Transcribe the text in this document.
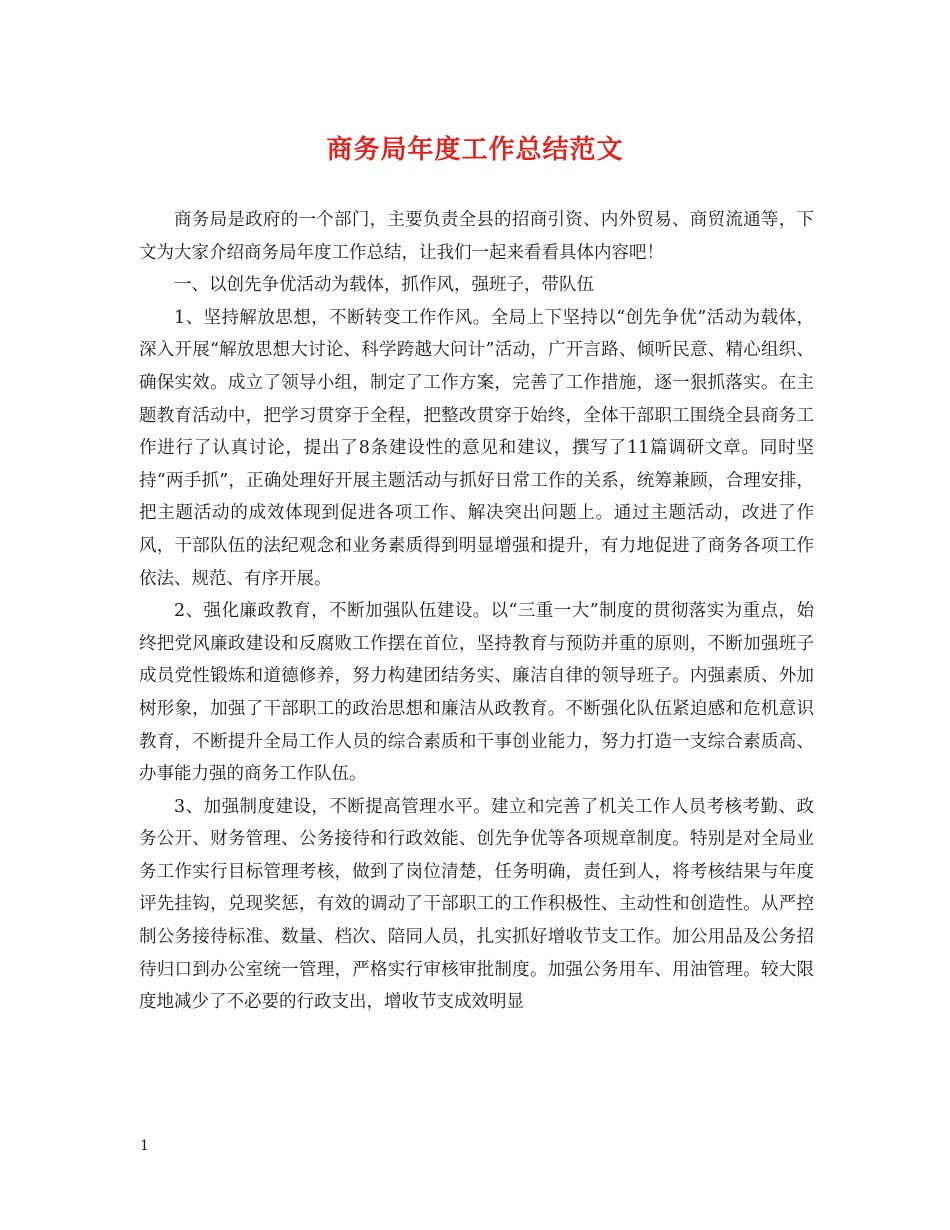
商务局年度工作总结范文

商务局是政府的一个部门，主要负责全县的招商引资、内外贸易、商贸流通等，下文为大家介绍商务局年度工作总结，让我们一起来看看具体内容吧！

一、以创先争优活动为载体，抓作风，强班子，带队伍

1、坚持解放思想，不断转变工作作风。全局上下坚持以“创先争优”活动为载体，深入开展“解放思想大讨论、科学跨越大问计”活动，广开言路、倾听民意、精心组织、确保实效。成立了领导小组，制定了工作方案，完善了工作措施，逐一狠抓落实。在主题教育活动中，把学习贯穿于全程，把整改贯穿于始终，全体干部职工围绕全县商务工作进行了认真讨论，提出了8条建设性的意见和建议，撰写了11篇调研文章。同时坚持“两手抓”，正确处理好开展主题活动与抓好日常工作的关系，统筹兼顾，合理安排，把主题活动的成效体现到促进各项工作、解决突出问题上。通过主题活动，改进了作风，干部队伍的法纪观念和业务素质得到明显增强和提升，有力地促进了商务各项工作依法、规范、有序开展。

2、强化廉政教育，不断加强队伍建设。以“三重一大”制度的贯彻落实为重点，始终把党风廉政建设和反腐败工作摆在首位，坚持教育与预防并重的原则，不断加强班子成员党性锻炼和道德修养，努力构建团结务实、廉洁自律的领导班子。内强素质、外加树形象，加强了干部职工的政治思想和廉洁从政教育。不断强化队伍紧迫感和危机意识教育，不断提升全局工作人员的综合素质和干事创业能力，努力打造一支综合素质高、办事能力强的商务工作队伍。

3、加强制度建设，不断提高管理水平。建立和完善了机关工作人员考核考勤、政务公开、财务管理、公务接待和行政效能、创先争优等各项规章制度。特别是对全局业务工作实行目标管理考核，做到了岗位清楚，任务明确，责任到人，将考核结果与年度评先挂钩，兑现奖惩，有效的调动了干部职工的工作积极性、主动性和创造性。从严控制公务接待标准、数量、档次、陪同人员，扎实抓好增收节支工作。加公用品及公务招待归口到办公室统一管理，严格实行审核审批制度。加强公务用车、用油管理。较大限度地减少了不必要的行政支出，增收节支成效明显

1
